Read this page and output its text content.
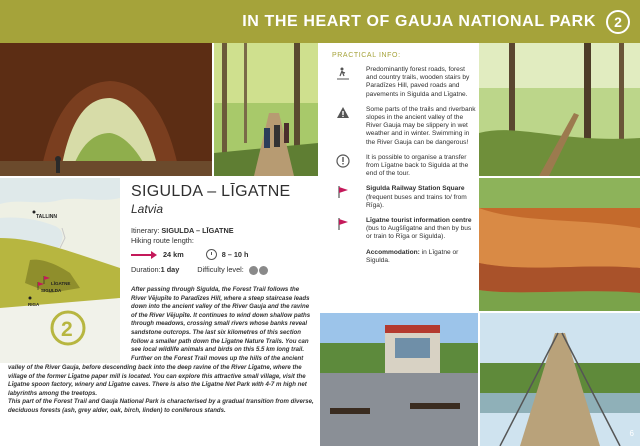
IN THE HEART OF GAUJA NATIONAL PARK	2
TALLINN
LĪGATNE
SIGULDA
RIGA
2
SIGULDA – LĪGATNE
Latvia
Itinerary: SIGULDA – LĪGATNE
Hiking route length:
24 km	8 – 10 h
Duration: 1 day Difficulty level:
After passing through Sigulda, the Forest Trail follows the River Vējupīte to Paradīzes Hill, where a steep staircase leads down into the ancient valley of the River Gauja and the ravine of the River Vējupīte. It continues to wind down shallow paths through meadows, crossing small rivers whose banks reveal sandstone outcrops. The last six kilometres of this section follow a smaller path down the Līgatne Nature Trails. You can see local wildlife animals and birds on this 5.5 km long trail. Further on the Forest Trail moves up the hills of the ancient
valley of the River Gauja, before descending back into the deep ravine of the River Līgatne, where the village of the former Līgatne paper mill is located. You can explore this attractive small village, visit the Līgatne spoon factory, winery and Līgatne caves. There is also the Līgatne Net Park with 4-7 m high net labyrinths among the treetops.
This part of the Forest Trail and Gauja National Park is characterised by a gradual transition from diverse, deciduous forests (ash, grey alder, oak, birch, linden) to coniferous stands.
PRACTICAL INFO:
Predominantly forest roads, forest and country trails, wooden stairs by Paradīzes Hill, paved roads and pavements in Sigulda and Līgatne.
Some parts of the trails and riverbank slopes in the ancient valley of the River Gauja may be slippery in wet weather and in winter. Swimming in the River Gauja can be dangerous!
It is possible to organise a transfer from Līgatne back to Sigulda at the end of the tour.
Sigulda Railway Station Square (frequent buses and trains to/ from Rīga).
Līgatne tourist information centre (bus to Augšlīgatne and then by bus or train to Rīga or Sigulda).
Accommodation: in Līgatne or Sigulda.
6
